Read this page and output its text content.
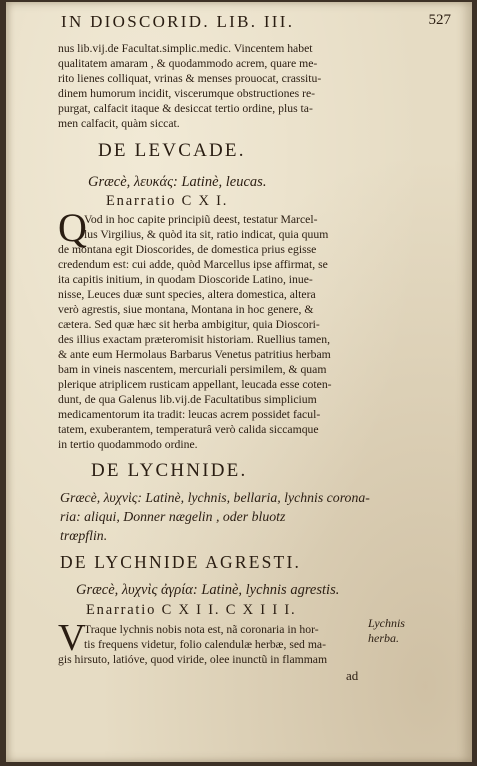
IN DIOSCORID. LIB. III.	527
nus lib.vij.de Facultat.simplic.medic. Vincentem habet
qualitatem amaram , & quodammodo acrem, quare me-
rito lienes colliquat, vrinas & menses prouocat, crassitu-
dinem humorum incidit, viscerumque obstructiones re-
purgat, calfacit itaque & desiccat tertio ordine, plus ta-
men calfacit, quàm siccat.
DE LEVCADE.
Græcè, λευκάς: Latinè, leucas.
Enarratio C X I.
Q
Vod in hoc capite principiũ deest, testatur Marcel-
lus Virgilius, & quòd ita sit, ratio indicat, quia quum
de montana egit Dioscorides, de domestica prius egisse
credendum est: cui adde, quòd Marcellus ipse affirmat, se
ita capitis initium, in quodam Dioscoride Latino, inue-
nisse, Leuces duæ sunt species, altera domestica, altera
verò agrestis, siue montana, Montana in hoc genere, &
cætera. Sed quæ hæc sit herba ambigitur, quia Dioscori-
des illius exactam præteromisit historiam. Ruellius tamen,
& ante eum Hermolaus Barbarus Venetus patritius herbam
bam in vineis nascentem, mercuriali persimilem, & quam
plerique atriplicem rusticam appellant, leucada esse coten-
dunt, de qua Galenus lib.vij.de Facultatibus simplicium
medicamentorum ita tradit: leucas acrem possidet facul-
tatem, exuberantem, temperaturâ verò calida siccamque
in tertio quodammodo ordine.
DE LYCHNIDE.
Græcè, λυχνὶς: Latinè, lychnis, bellaria, lychnis corona-
ria: aliqui, Donner nægelin , oder bluotz
trœpflin.
DE LYCHNIDE AGRESTI.
Græcè, λυχνὶς ἀγρία: Latinè, lychnis agrestis.
Enarratio C X I I. C X I I I.
V
Traque lychnis nobis nota est, nã coronaria in hor-
tis frequens videtur, folio calendulæ herbæ, sed ma-
gis hirsuto, latióve, quod viride, olee inunctũ in flammam
Lychnis
herba.
ad
